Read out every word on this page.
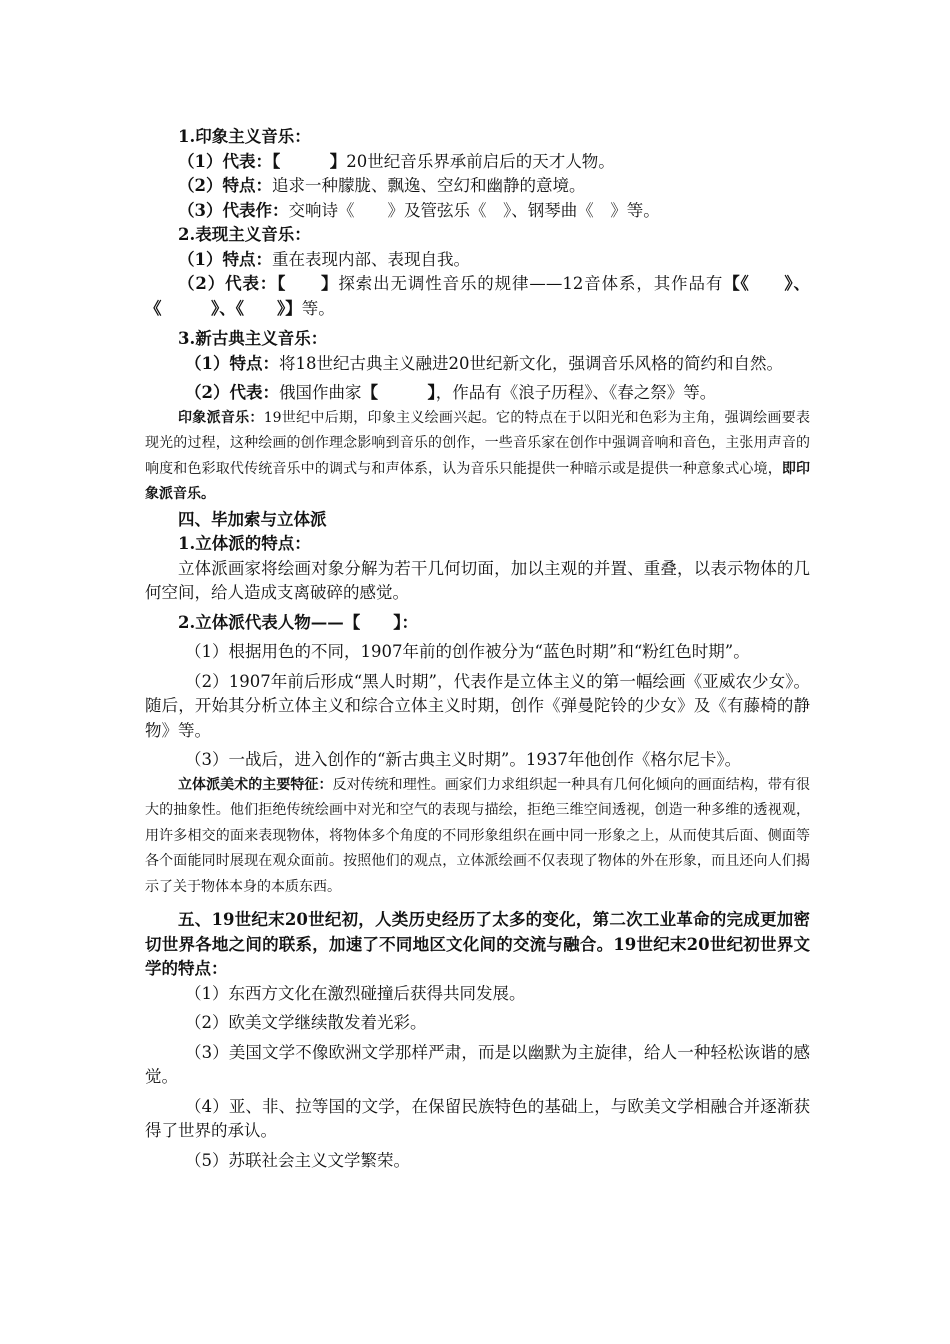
1.印象主义音乐：

（1）代表：【　　　】20世纪音乐界承前启后的天才人物。

（2）特点：追求一种朦胧、飘逸、空幻和幽静的意境。

（3）代表作：交响诗《　　》及管弦乐《　》、钢琴曲《　》等。

2.表现主义音乐：

（1）特点：重在表现内部、表现自我。

（2）代表：【　　】探索出无调性音乐的规律——12音体系，其作品有【《　　》、《　　　》、《　　》】等。

3.新古典主义音乐：

（1）特点：将18世纪古典主义融进20世纪新文化，强调音乐风格的简约和自然。

（2）代表：俄国作曲家【　　　】，作品有《浪子历程》、《春之祭》等。

印象派音乐：19世纪中后期，印象主义绘画兴起。它的特点在于以阳光和色彩为主角，强调绘画要表现光的过程，这种绘画的创作理念影响到音乐的创作，一些音乐家在创作中强调音响和音色，主张用声音的响度和色彩取代传统音乐中的调式与和声体系，认为音乐只能提供一种暗示或是提供一种意象式心境，即印象派音乐。

四、毕加索与立体派

1.立体派的特点：

立体派画家将绘画对象分解为若干几何切面，加以主观的并置、重叠，以表示物体的几何空间，给人造成支离破碎的感觉。

2.立体派代表人物——【　　】：

（1）根据用色的不同，1907年前的创作被分为“蓝色时期”和“粉红色时期”。

（2）1907年前后形成“黑人时期”，代表作是立体主义的第一幅绘画《亚威农少女》。随后，开始其分析立体主义和综合立体主义时期，创作《弹曼陀铃的少女》及《有藤椅的静物》等。

（3）一战后，进入创作的“新古典主义时期”。1937年他创作《格尔尼卡》。

立体派美术的主要特征：反对传统和理性。画家们力求组织起一种具有几何化倾向的画面结构，带有很大的抽象性。他们拒绝传统绘画中对光和空气的表现与描绘，拒绝三维空间透视，创造一种多维的透视观，用许多相交的面来表现物体，将物体多个角度的不同形象组织在画中同一形象之上，从而使其后面、侧面等各个面能同时展现在观众面前。按照他们的观点，立体派绘画不仅表现了物体的外在形象，而且还向人们揭示了关于物体本身的本质东西。

五、19世纪末20世纪初，人类历史经历了太多的变化，第二次工业革命的完成更加密切世界各地之间的联系，加速了不同地区文化间的交流与融合。19世纪末20世纪初世界文学的特点：

（1）东西方文化在激烈碰撞后获得共同发展。

（2）欧美文学继续散发着光彩。

（3）美国文学不像欧洲文学那样严肃，而是以幽默为主旋律，给人一种轻松诙谐的感觉。

（4）亚、非、拉等国的文学，在保留民族特色的基础上，与欧美文学相融合并逐渐获得了世界的承认。

（5）苏联社会主义文学繁荣。
